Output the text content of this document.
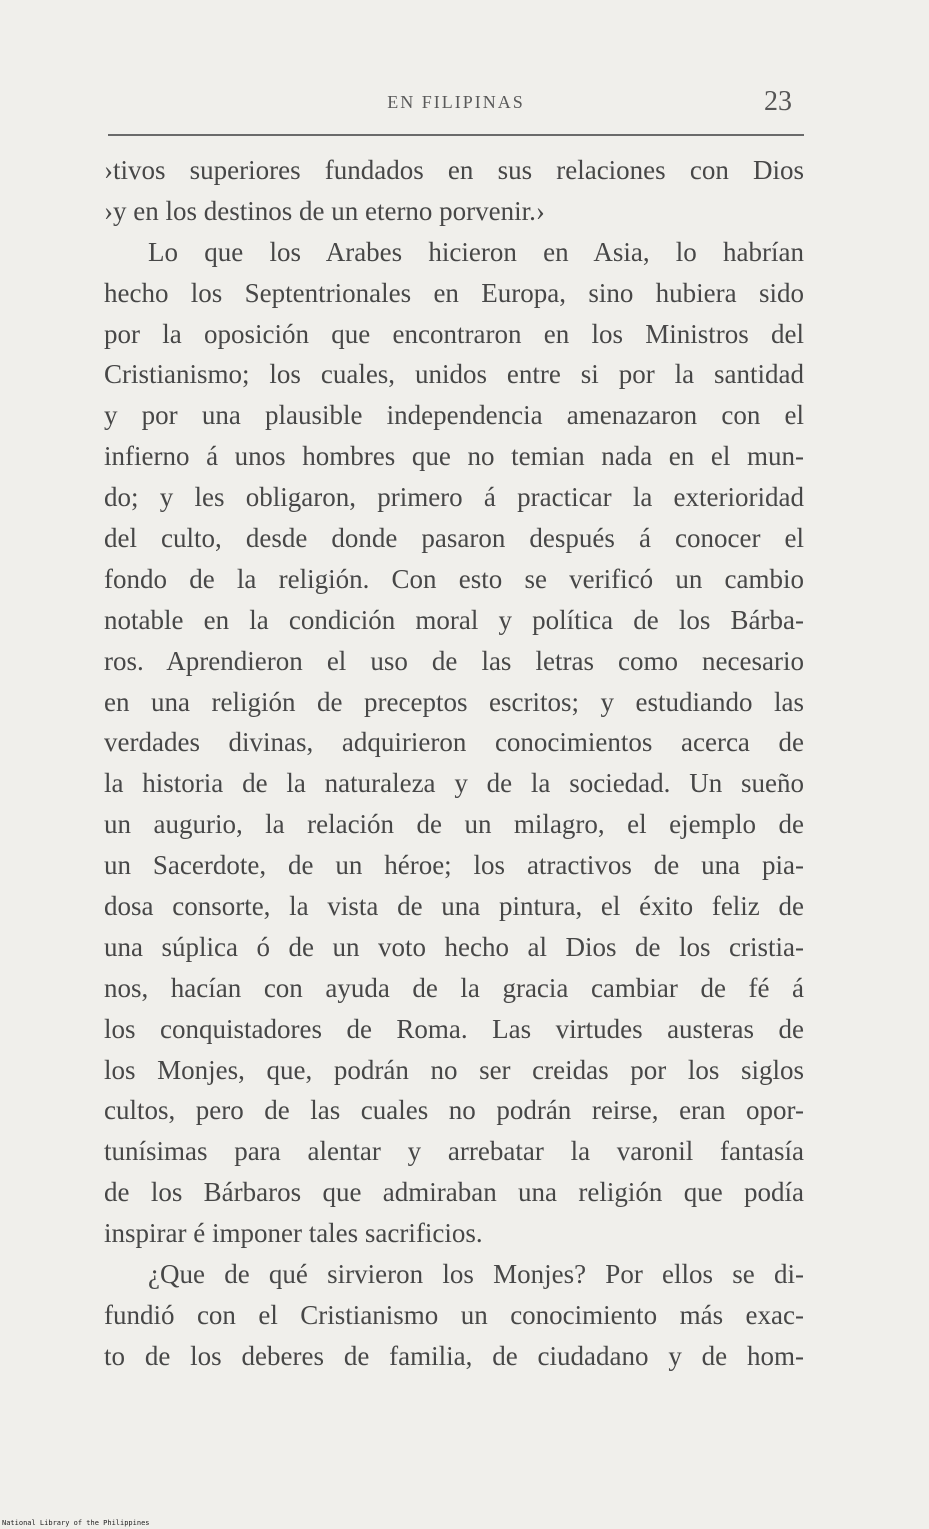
EN FILIPINAS	23
›tivos superiores fundados en sus relaciones con Dios
›y en los destinos de un eterno porvenir.›
Lo que los Arabes hicieron en Asia, lo habrían
hecho los Septentrionales en Europa, sino hubiera sido
por la oposición que encontraron en los Ministros del
Cristianismo; los cuales, unidos entre si por la santidad
y por una plausible independencia amenazaron con el
infierno á unos hombres que no temian nada en el mun-
do; y les obligaron, primero á practicar la exterioridad
del culto, desde donde pasaron después á conocer el
fondo de la religión. Con esto se verificó un cambio
notable en la condición moral y política de los Bárba-
ros. Aprendieron el uso de las letras como necesario
en una religión de preceptos escritos; y estudiando las
verdades divinas, adquirieron conocimientos acerca de
la historia de la naturaleza y de la sociedad. Un sueño
un augurio, la relación de un milagro, el ejemplo de
un Sacerdote, de un héroe; los atractivos de una pia-
dosa consorte, la vista de una pintura, el éxito feliz de
una súplica ó de un voto hecho al Dios de los cristia-
nos, hacían con ayuda de la gracia cambiar de fé á
los conquistadores de Roma. Las virtudes austeras de
los Monjes, que, podrán no ser creidas por los siglos
cultos, pero de las cuales no podrán reirse, eran opor-
tunísimas para alentar y arrebatar la varonil fantasía
de los Bárbaros que admiraban una religión que podía
inspirar é imponer tales sacrificios.
¿Que de qué sirvieron los Monjes? Por ellos se di-
fundió con el Cristianismo un conocimiento más exac-
to de los deberes de familia, de ciudadano y de hom-
National Library of the Philippines
